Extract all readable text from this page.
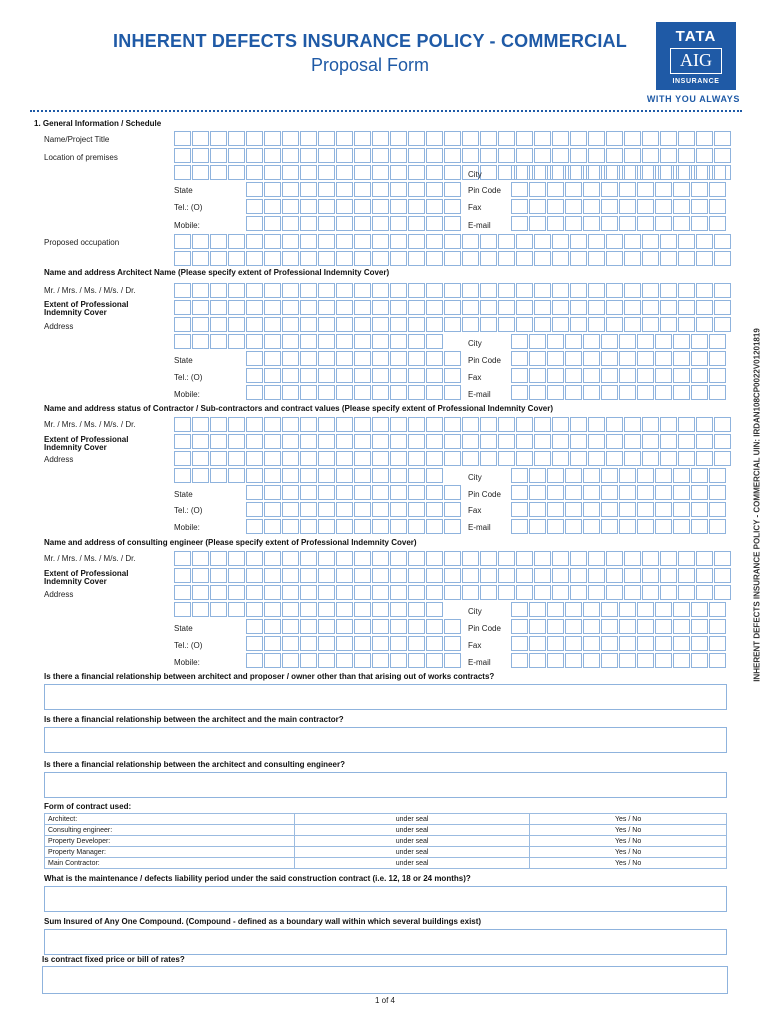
INHERENT DEFECTS INSURANCE POLICY - COMMERCIAL
Proposal Form
TATA
AIG
INSURANCE
WITH YOU ALWAYS
INHERENT DEFECTS INSURANCE POLICY - COMMERCIAL UIN: IRDAN108CP0022V01201819
1. General Information / Schedule
Name/Project Title
Location of premises
City
State	Pin Code
Tel.: (O)	Fax
Mobile:	E-mail
Proposed occupation
Name and address Architect Name (Please specify extent of Professional Indemnity Cover)
Mr. / Mrs. / Ms. / M/s. / Dr.
Extent of Professional
Indemnity Cover
Address
City
State	Pin Code
Tel.: (O)	Fax
Mobile:	E-mail
Name and address status of Contractor / Sub-contractors and contract values (Please specify extent of Professional Indemnity Cover)
Mr. / Mrs. / Ms. / M/s. / Dr.
Extent of Professional
Indemnity Cover
Address
City
State	Pin Code
Tel.: (O)	Fax
Mobile:	E-mail
Name and address of consulting engineer (Please specify extent of Professional Indemnity Cover)
Mr. / Mrs. / Ms. / M/s. / Dr.
Extent of Professional
Indemnity Cover
Address
City
State	Pin Code
Tel.: (O)	Fax
Mobile:	E-mail
Is there a financial relationship between architect and proposer / owner other than that arising out of works contracts?
Is there a financial relationship between the architect and the main contractor?
Is there a financial relationship between the architect and consulting engineer?
Form of contract used:
Architect:	under seal	Yes / No
Consulting engineer:	under seal	Yes / No
Property Developer:	under seal	Yes / No
Property Manager:	under seal	Yes / No
Main Contractor:	under seal	Yes / No
What is the maintenance / defects liability period under the said construction contract (i.e. 12, 18 or 24 months)?
Sum Insured of Any One Compound. (Compound - defined as a boundary wall within which several buildings exist)
Is contract fixed price or bill of rates?
1 of 4
